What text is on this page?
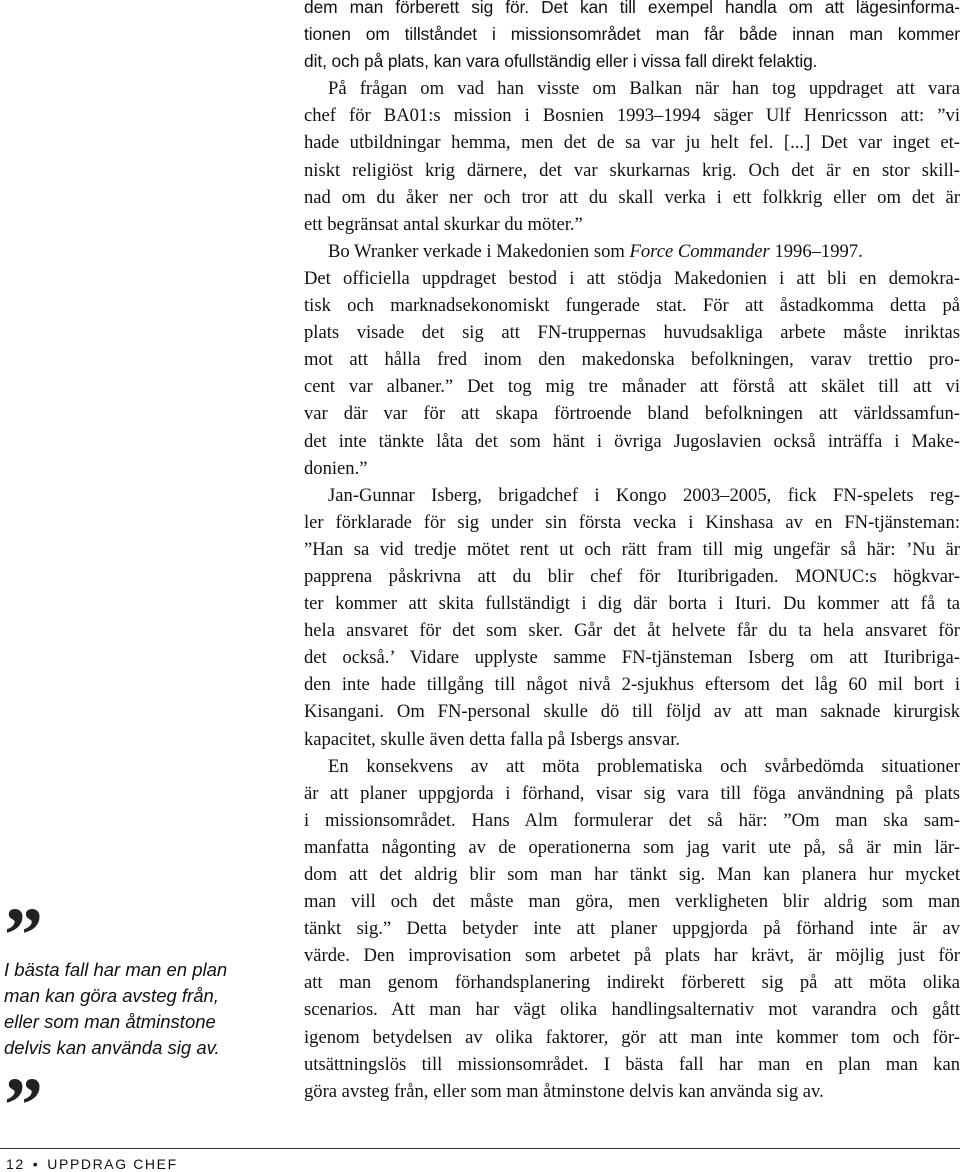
dem man förberett sig för. Det kan till exempel handla om att lägesinforma-
tionen om tillståndet i missionsområdet man får både innan man kommer
dit, och på plats, kan vara ofullständig eller i vissa fall direkt felaktig.
På frågan om vad han visste om Balkan när han tog uppdraget att vara
chef för BA01:s mission i Bosnien 1993–1994 säger Ulf Henricsson att: ”vi
hade utbildningar hemma, men det de sa var ju helt fel. [...] Det var inget et-
niskt religiöst krig därnere, det var skurkarnas krig. Och det är en stor skill-
nad om du åker ner och tror att du skall verka i ett folkkrig eller om det är
ett begränsat antal skurkar du möter.”
Bo Wranker verkade i Makedonien som Force Commander 1996–1997.
Det officiella uppdraget bestod i att stödja Makedonien i att bli en demokra-
tisk och marknadsekonomiskt fungerade stat. För att åstadkomma detta på
plats visade det sig att FN-truppernas huvudsakliga arbete måste inriktas
mot att hålla fred inom den makedonska befolkningen, varav trettio pro-
cent var albaner.” Det tog mig tre månader att förstå att skälet till att vi
var där var för att skapa förtroende bland befolkningen att världssamfun-
det inte tänkte låta det som hänt i övriga Jugoslavien också inträffa i Make-
donien.”
Jan-Gunnar Isberg, brigadchef i Kongo 2003–2005, fick FN-spelets reg-
ler förklarade för sig under sin första vecka i Kinshasa av en FN-tjänsteman:
”Han sa vid tredje mötet rent ut och rätt fram till mig ungefär så här: ’Nu är
papprena påskrivna att du blir chef för Ituribrigaden. MONUC:s högkvar-
ter kommer att skita fullständigt i dig där borta i Ituri. Du kommer att få ta
hela ansvaret för det som sker. Går det åt helvete får du ta hela ansvaret för
det också.’ Vidare upplyste samme FN-tjänsteman Isberg om att Ituribriga-
den inte hade tillgång till något nivå 2-sjukhus eftersom det låg 60 mil bort i
Kisangani. Om FN-personal skulle dö till följd av att man saknade kirurgisk
kapacitet, skulle även detta falla på Isbergs ansvar.
En konsekvens av att möta problematiska och svårbedömda situationer
är att planer uppgjorda i förhand, visar sig vara till föga användning på plats
i missionsområdet. Hans Alm formulerar det så här: ”Om man ska sam-
manfatta någonting av de operationerna som jag varit ute på, så är min lär-
dom att det aldrig blir som man har tänkt sig. Man kan planera hur mycket
man vill och det måste man göra, men verkligheten blir aldrig som man
tänkt sig.” Detta betyder inte att planer uppgjorda på förhand inte är av
värde. Den improvisation som arbetet på plats har krävt, är möjlig just för
att man genom förhandsplanering indirekt förberett sig på att möta olika
scenarios. Att man har vägt olika handlingsalternativ mot varandra och gått
igenom betydelsen av olika faktorer, gör att man inte kommer tom och för-
utsättningslös till missionsområdet. I bästa fall har man en plan man kan
göra avsteg från, eller som man åtminstone delvis kan använda sig av.
”
I bästa fall har man en plan man kan göra avsteg från, eller som man åtminstone delvis kan använda sig av.
”
12 • UPPDRAG CHEF
